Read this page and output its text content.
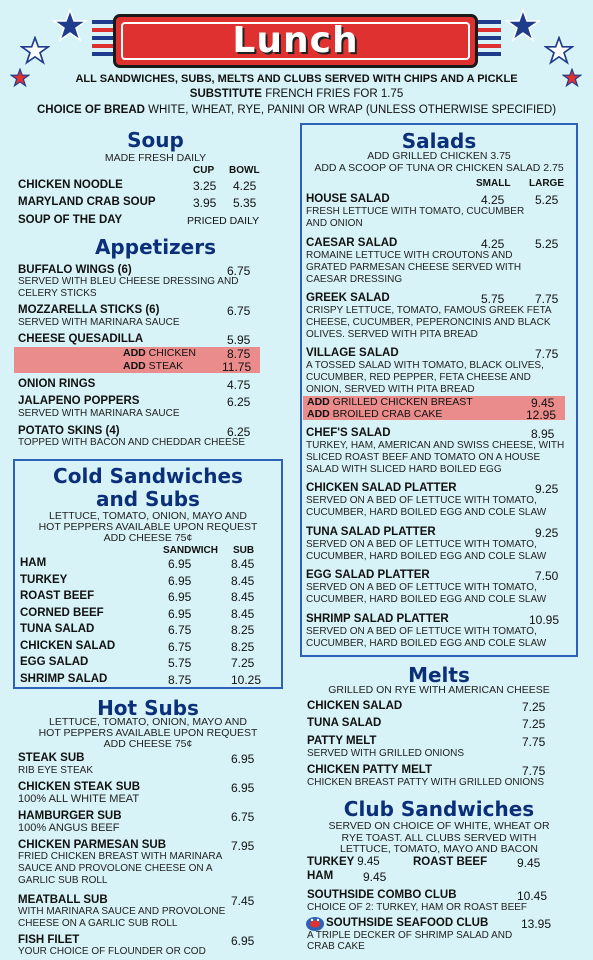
Lunch
ALL SANDWICHES, SUBS, MELTS AND CLUBS SERVED WITH CHIPS AND A PICKLE
SUBSTITUTE FRENCH FRIES FOR 1.75
CHOICE OF BREAD WHITE, WHEAT, RYE, PANINI OR WRAP (UNLESS OTHERWISE SPECIFIED)
Soup
MADE FRESH DAILY
CUP BOWL
CHICKEN NOODLE	3.25 4.25
MARYLAND CRAB SOUP	3.95 5.35
SOUP OF THE DAY	PRICED DAILY
Appetizers
BUFFALO WINGS (6)	6.75
SERVED WITH BLEU CHEESE DRESSING AND CELERY STICKS
MOZZARELLA STICKS (6)	6.75
SERVED WITH MARINARA SAUCE
CHEESE QUESADILLA	5.95
ADD CHICKEN	8.75
ADD STEAK	11.75
ONION RINGS	4.75
JALAPENO POPPERS	6.25
SERVED WITH MARINARA SAUCE
POTATO SKINS (4)	6.25
TOPPED WITH BACON AND CHEDDAR CHEESE
Cold Sandwiches
and Subs
LETTUCE, TOMATO, ONION, MAYO AND
HOT PEPPERS AVAILABLE UPON REQUEST
ADD CHEESE 75¢
SANDWICH SUB
HAM	6.95	8.45
TURKEY	6.95	8.45
ROAST BEEF	6.95	8.45
CORNED BEEF	6.95	8.45
TUNA SALAD	6.75	8.25
CHICKEN SALAD	6.75	8.25
EGG SALAD	5.75	7.25
SHRIMP SALAD	8.75	10.25
Hot Subs
LETTUCE, TOMATO, ONION, MAYO AND
HOT PEPPERS AVAILABLE UPON REQUEST
ADD CHEESE 75¢
STEAK SUB	6.95
RIB EYE STEAK
CHICKEN STEAK SUB	6.95
100% ALL WHITE MEAT
HAMBURGER SUB	6.75
100% ANGUS BEEF
CHICKEN PARMESAN SUB	7.95
FRIED CHICKEN BREAST WITH MARINARA SAUCE AND PROVOLONE CHEESE ON A GARLIC SUB ROLL
MEATBALL SUB	7.45
WITH MARINARA SAUCE AND PROVOLONE CHEESE ON A GARLIC SUB ROLL
FISH FILET	6.95
YOUR CHOICE OF FLOUNDER OR COD
Salads
ADD GRILLED CHICKEN 3.75
ADD A SCOOP OF TUNA OR CHICKEN SALAD 2.75
SMALL LARGE
HOUSE SALAD	4.25	5.25
FRESH LETTUCE WITH TOMATO, CUCUMBER AND ONION
CAESAR SALAD	4.25	5.25
ROMAINE LETTUCE WITH CROUTONS AND GRATED PARMESAN CHEESE SERVED WITH CAESAR DRESSING
GREEK SALAD	5.75	7.75
CRISPY LETTUCE, TOMATO, FAMOUS GREEK FETA CHEESE, CUCUMBER, PEPERONCINIS AND BLACK OLIVES. SERVED WITH PITA BREAD
VILLAGE SALAD	7.75
A TOSSED SALAD WITH TOMATO, BLACK OLIVES, CUCUMBER, RED PEPPER, FETA CHEESE AND ONION, SERVED WITH PITA BREAD
ADD GRILLED CHICKEN BREAST	9.45
ADD BROILED CRAB CAKE	12.95
CHEF'S SALAD	8.95
TURKEY, HAM, AMERICAN AND SWISS CHEESE, WITH SLICED ROAST BEEF AND TOMATO ON A HOUSE SALAD WITH SLICED HARD BOILED EGG
CHICKEN SALAD PLATTER	9.25
SERVED ON A BED OF LETTUCE WITH TOMATO, CUCUMBER, HARD BOILED EGG AND COLE SLAW
TUNA SALAD PLATTER	9.25
SERVED ON A BED OF LETTUCE WITH TOMATO, CUCUMBER, HARD BOILED EGG AND COLE SLAW
EGG SALAD PLATTER	7.50
SERVED ON A BED OF LETTUCE WITH TOMATO, CUCUMBER, HARD BOILED EGG AND COLE SLAW
SHRIMP SALAD PLATTER	10.95
SERVED ON A BED OF LETTUCE WITH TOMATO, CUCUMBER, HARD BOILED EGG AND COLE SLAW
Melts
GRILLED ON RYE WITH AMERICAN CHEESE
CHICKEN SALAD	7.25
TUNA SALAD	7.25
PATTY MELT	7.75
SERVED WITH GRILLED ONIONS
CHICKEN PATTY MELT	7.75
CHICKEN BREAST PATTY WITH GRILLED ONIONS
Club Sandwiches
SERVED ON CHOICE OF WHITE, WHEAT OR
RYE TOAST. ALL CLUBS SERVED WITH
LETTUCE, TOMATO, MAYO AND BACON
TURKEY 9.45	ROAST BEEF 9.45
HAM 9.45
SOUTHSIDE COMBO CLUB	10.45
CHOICE OF 2: TURKEY, HAM OR ROAST BEEF
SOUTHSIDE SEAFOOD CLUB	13.95
A TRIPLE DECKER OF SHRIMP SALAD AND
CRAB CAKE
